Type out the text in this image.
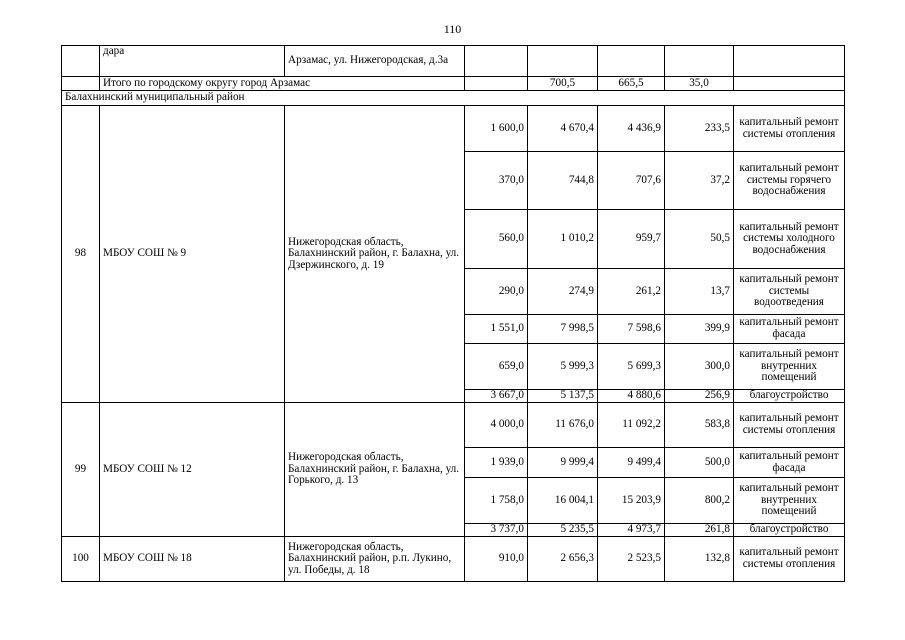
110
	дара	Арзамас, ул. Нижегородская, д.3а					
	Итого по городскому округу город Арзамас			700,5	665,5	35,0	
Балахнинский муниципальный район							
98	МБОУ СОШ № 9	Нижегородская область, Балахнинский район, г. Балахна, ул. Дзержинского, д. 19	1 600,0	4 670,4	4 436,9	233,5	капитальный ремонт системы отопления
			370,0	744,8	707,6	37,2	капитальный ремонт системы горячего водоснабжения
			560,0	1 010,2	959,7	50,5	капитальный ремонт системы холодного водоснабжения
			290,0	274,9	261,2	13,7	капитальный ремонт системы водоотведения
			1 551,0	7 998,5	7 598,6	399,9	капитальный ремонт фасада
			659,0	5 999,3	5 699,3	300,0	капитальный ремонт внутренних помещений
			3 667,0	5 137,5	4 880,6	256,9	благоустройство
99	МБОУ СОШ № 12	Нижегородская область, Балахнинский район, г. Балахна, ул. Горького, д. 13	4 000,0	11 676,0	11 092,2	583,8	капитальный ремонт системы отопления
			1 939,0	9 999,4	9 499,4	500,0	капитальный ремонт фасада
			1 758,0	16 004,1	15 203,9	800,2	капитальный ремонт внутренних помещений
			3 737,0	5 235,5	4 973,7	261,8	благоустройство
100	МБОУ СОШ № 18	Нижегородская область, Балахнинский район, р.п. Лукино, ул. Победы, д. 18	910,0	2 656,3	2 523,5	132,8	капитальный ремонт системы отопления
